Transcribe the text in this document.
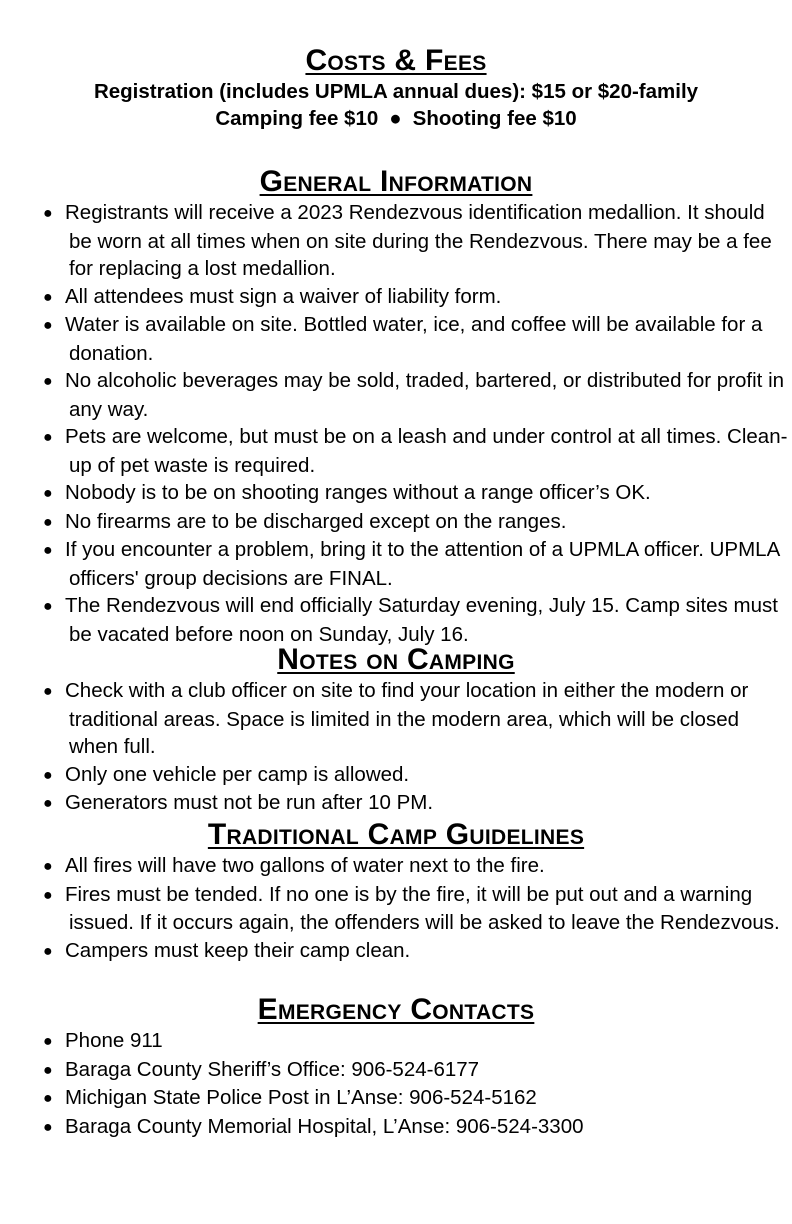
Costs & Fees

Registration (includes UPMLA annual dues): $15 or $20-family

Camping fee $10 ● Shooting fee $10

General Information
● Registrants will receive a 2023 Rendezvous identification medallion. It should be worn at all times when on site during the Rendezvous. There may be a fee for replacing a lost medallion.
● All attendees must sign a waiver of liability form.
● Water is available on site. Bottled water, ice, and coffee will be available for a donation.
● No alcoholic beverages may be sold, traded, bartered, or distributed for profit in any way.
● Pets are welcome, but must be on a leash and under control at all times. Clean-up of pet waste is required.
● Nobody is to be on shooting ranges without a range officer’s OK.
● No firearms are to be discharged except on the ranges.
● If you encounter a problem, bring it to the attention of a UPMLA officer. UPMLA officers' group decisions are FINAL.
● The Rendezvous will end officially Saturday evening, July 15. Camp sites must be vacated before noon on Sunday, July 16.
Notes on Camping
● Check with a club officer on site to find your location in either the modern or traditional areas. Space is limited in the modern area, which will be closed when full.
● Only one vehicle per camp is allowed.
● Generators must not be run after 10 PM.
Traditional Camp Guidelines
● All fires will have two gallons of water next to the fire.
● Fires must be tended. If no one is by the fire, it will be put out and a warning issued. If it occurs again, the offenders will be asked to leave the Rendezvous.
● Campers must keep their camp clean.
Emergency Contacts
● Phone 911
● Baraga County Sheriff’s Office: 906-524-6177
● Michigan State Police Post in L’Anse: 906-524-5162
● Baraga County Memorial Hospital, L’Anse: 906-524-3300
